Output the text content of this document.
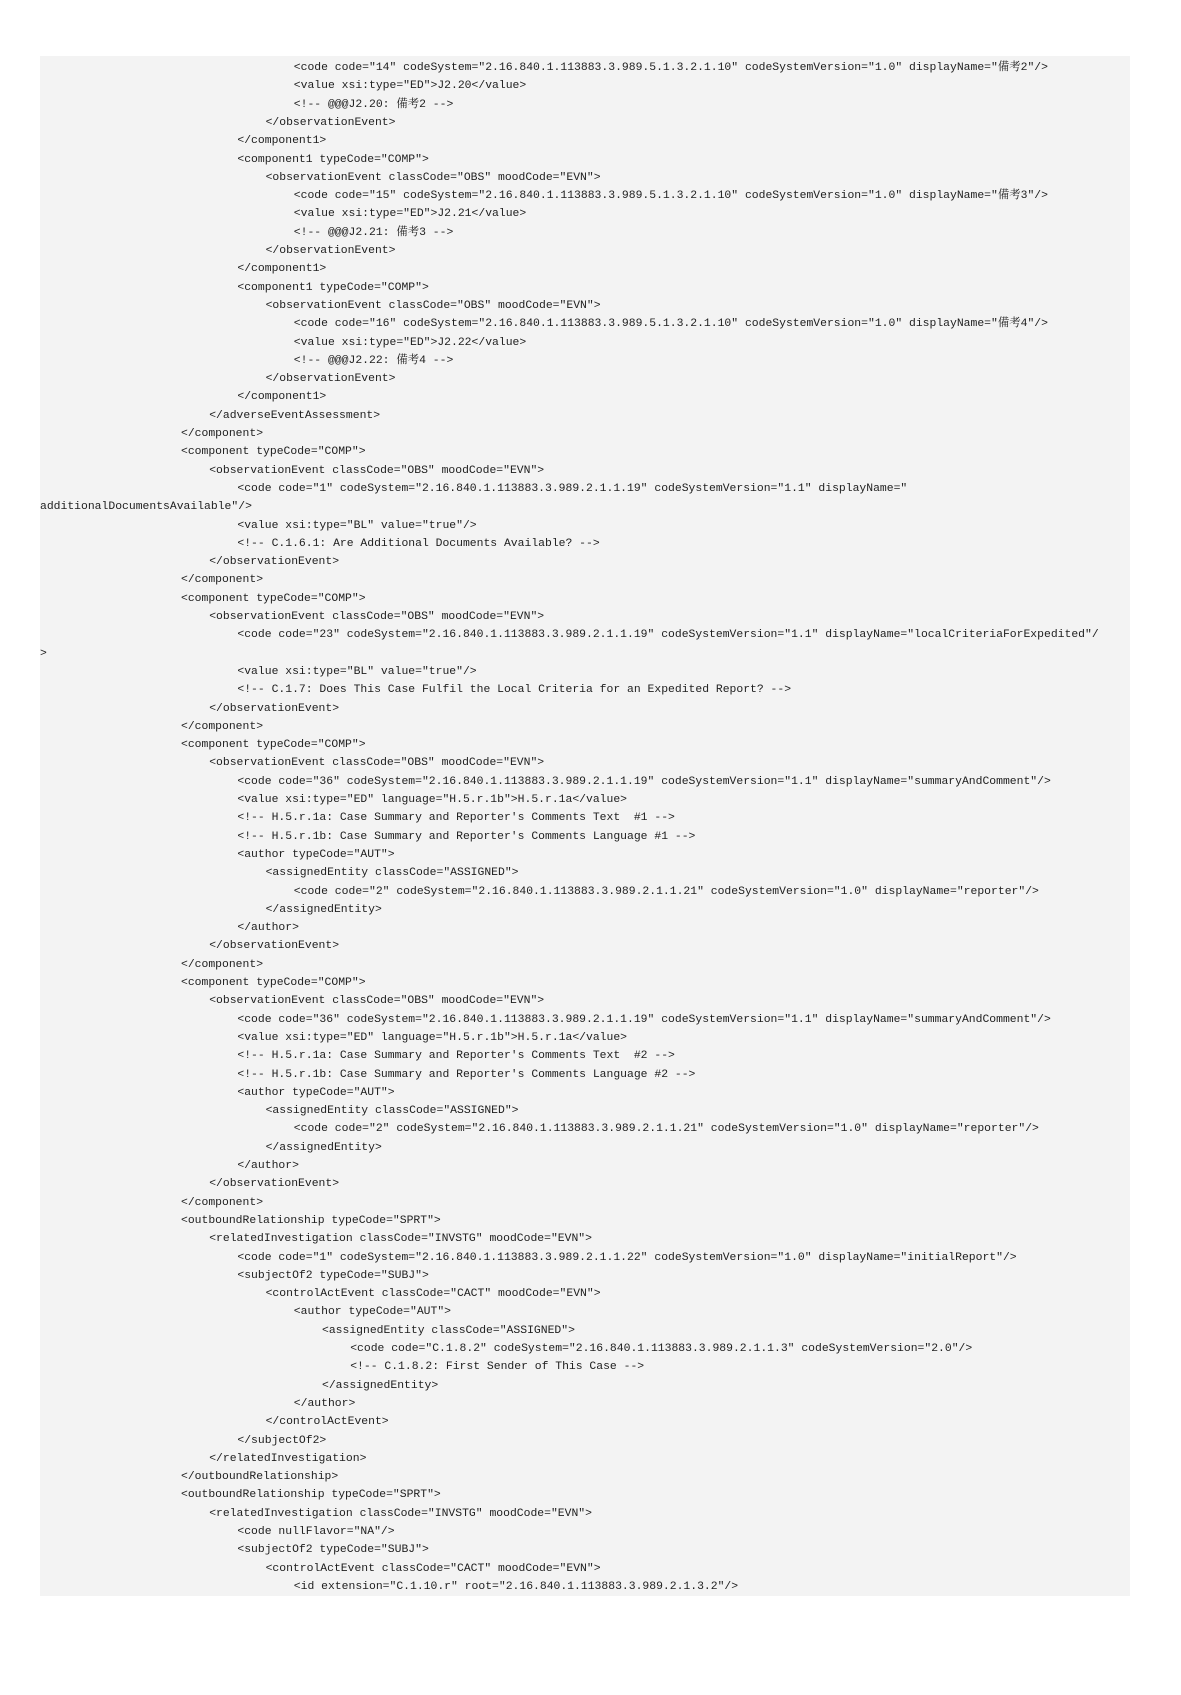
<code code="14" codeSystem="2.16.840.1.113883.3.989.5.1.3.2.1.10" codeSystemVersion="1.0" displayName="備考2"/>
<value xsi:type="ED">J2.20</value>
<!-- @@@J2.20: 備考2 -->
</observationEvent>
</component1>
<component1 typeCode="COMP">
<observationEvent classCode="OBS" moodCode="EVN">
<code code="15" codeSystem="2.16.840.1.113883.3.989.5.1.3.2.1.10" codeSystemVersion="1.0" displayName="備考3"/>
<value xsi:type="ED">J2.21</value>
<!-- @@@J2.21: 備考3 -->
</observationEvent>
</component1>
<component1 typeCode="COMP">
<observationEvent classCode="OBS" moodCode="EVN">
<code code="16" codeSystem="2.16.840.1.113883.3.989.5.1.3.2.1.10" codeSystemVersion="1.0" displayName="備考4"/>
<value xsi:type="ED">J2.22</value>
<!-- @@@J2.22: 備考4 -->
</observationEvent>
</component1>
</adverseEventAssessment>
</component>
<component typeCode="COMP">
<observationEvent classCode="OBS" moodCode="EVN">
<code code="1" codeSystem="2.16.840.1.113883.3.989.2.1.1.19" codeSystemVersion="1.1" displayName="
additionalDocumentsAvailable"/>
<value xsi:type="BL" value="true"/>
<!-- C.1.6.1: Are Additional Documents Available? -->
</observationEvent>
</component>
<component typeCode="COMP">
<observationEvent classCode="OBS" moodCode="EVN">
<code code="23" codeSystem="2.16.840.1.113883.3.989.2.1.1.19" codeSystemVersion="1.1" displayName="localCriteriaForExpedited"/
>
<value xsi:type="BL" value="true"/>
<!-- C.1.7: Does This Case Fulfil the Local Criteria for an Expedited Report? -->
</observationEvent>
</component>
<component typeCode="COMP">
<observationEvent classCode="OBS" moodCode="EVN">
<code code="36" codeSystem="2.16.840.1.113883.3.989.2.1.1.19" codeSystemVersion="1.1" displayName="summaryAndComment"/>
<value xsi:type="ED" language="H.5.r.1b">H.5.r.1a</value>
<!-- H.5.r.1a: Case Summary and Reporter's Comments Text  #1 -->
<!-- H.5.r.1b: Case Summary and Reporter's Comments Language #1 -->
<author typeCode="AUT">
<assignedEntity classCode="ASSIGNED">
<code code="2" codeSystem="2.16.840.1.113883.3.989.2.1.1.21" codeSystemVersion="1.0" displayName="reporter"/>
</assignedEntity>
</author>
</observationEvent>
</component>
<component typeCode="COMP">
<observationEvent classCode="OBS" moodCode="EVN">
<code code="36" codeSystem="2.16.840.1.113883.3.989.2.1.1.19" codeSystemVersion="1.1" displayName="summaryAndComment"/>
<value xsi:type="ED" language="H.5.r.1b">H.5.r.1a</value>
<!-- H.5.r.1a: Case Summary and Reporter's Comments Text  #2 -->
<!-- H.5.r.1b: Case Summary and Reporter's Comments Language #2 -->
<author typeCode="AUT">
<assignedEntity classCode="ASSIGNED">
<code code="2" codeSystem="2.16.840.1.113883.3.989.2.1.1.21" codeSystemVersion="1.0" displayName="reporter"/>
</assignedEntity>
</author>
</observationEvent>
</component>
<outboundRelationship typeCode="SPRT">
<relatedInvestigation classCode="INVSTG" moodCode="EVN">
<code code="1" codeSystem="2.16.840.1.113883.3.989.2.1.1.22" codeSystemVersion="1.0" displayName="initialReport"/>
<subjectOf2 typeCode="SUBJ">
<controlActEvent classCode="CACT" moodCode="EVN">
<author typeCode="AUT">
<assignedEntity classCode="ASSIGNED">
<code code="C.1.8.2" codeSystem="2.16.840.1.113883.3.989.2.1.1.3" codeSystemVersion="2.0"/>
<!-- C.1.8.2: First Sender of This Case -->
</assignedEntity>
</author>
</controlActEvent>
</subjectOf2>
</relatedInvestigation>
</outboundRelationship>
<outboundRelationship typeCode="SPRT">
<relatedInvestigation classCode="INVSTG" moodCode="EVN">
<code nullFlavor="NA"/>
<subjectOf2 typeCode="SUBJ">
<controlActEvent classCode="CACT" moodCode="EVN">
<id extension="C.1.10.r" root="2.16.840.1.113883.3.989.2.1.3.2"/>
